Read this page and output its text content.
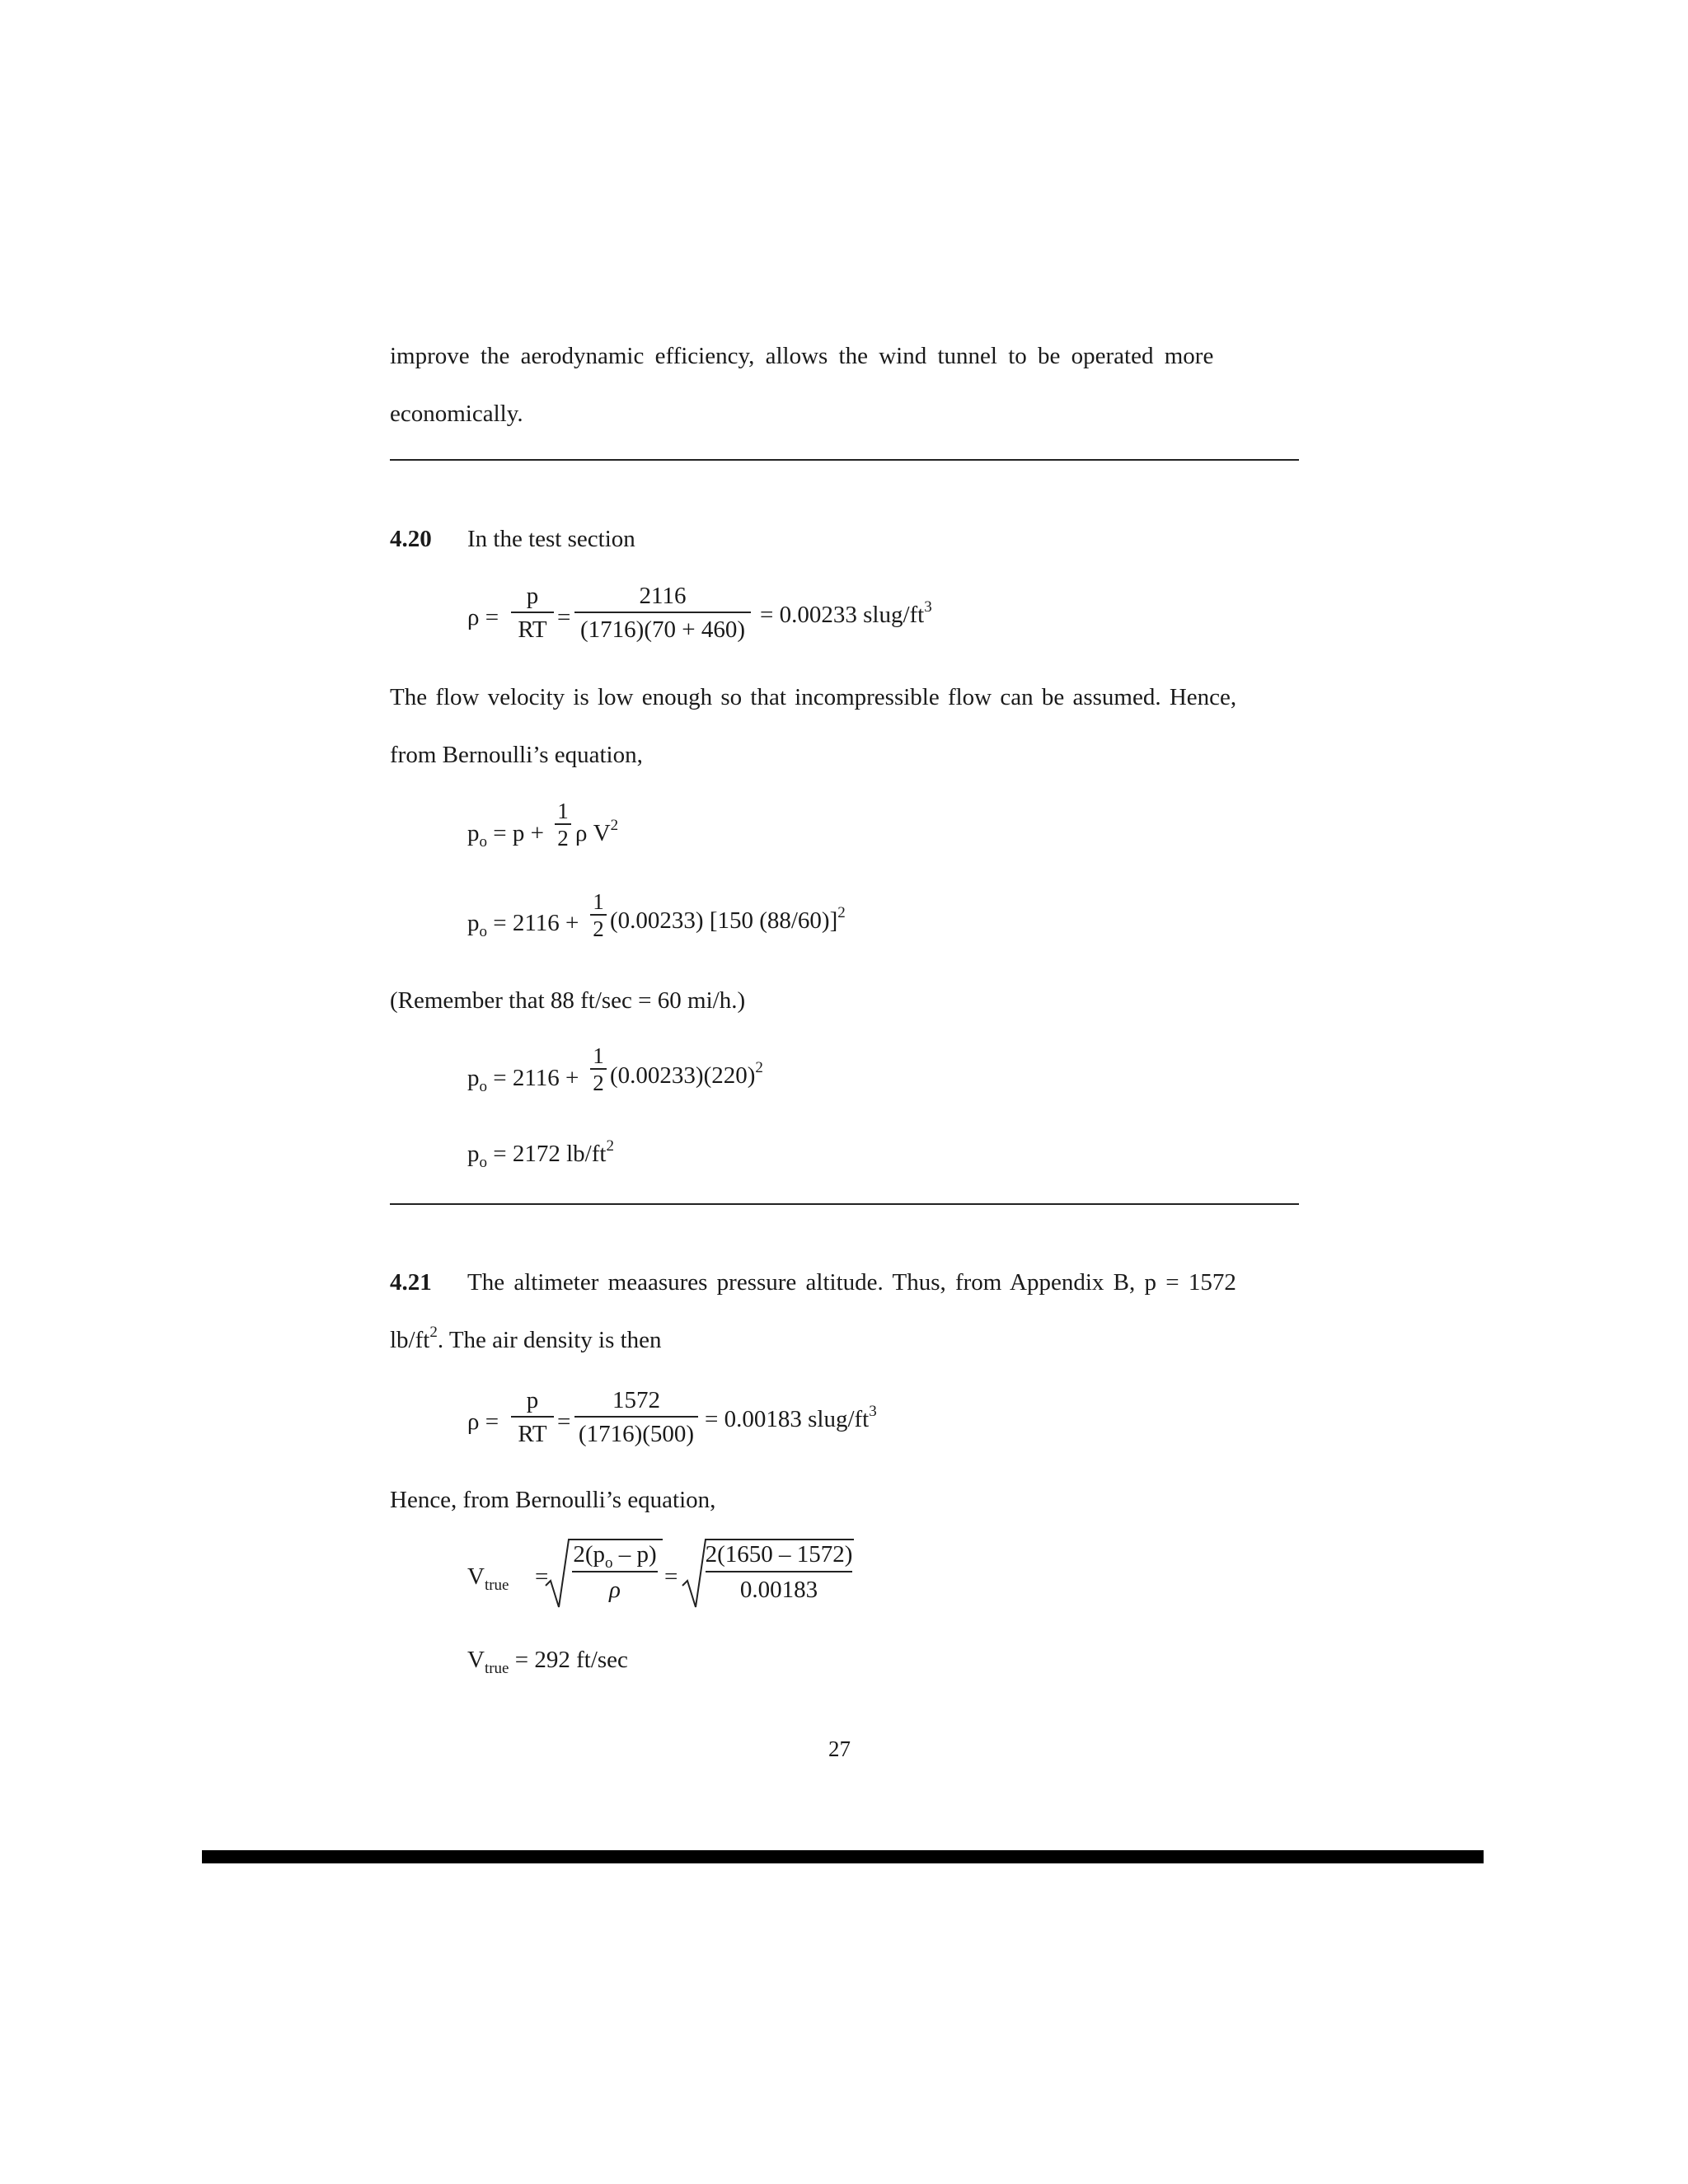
improve the aerodynamic efficiency, allows the wind tunnel to be operated more
economically.
4.20 In the test section
ρ =
p
RT =
2116
(1716)(70 + 460)
= 0.00233 slug/$ft^3$
The flow velocity is low enough so that incompressible flow can be assumed. Hence,
from Bernoulli’s equation,
$p_o = p$ +
1
2 ρ $V^2$
$p_o = 2116$ +
1
2 (0.00233) [150 (88/60)]$^2$
(Remember that 88 ft/sec = 60 mi/h.)
$p_o = 2116$ +
1
2 $(0.00233)(220)^2$
$p_o = 2172$ $lb/ft^2$
4.21 The altimeter meaasures pressure altitude. Thus, from Appendix B, p = 1572
$lb/ft^2$. The air density is then
ρ =
p
RT =
1572
(1716)(500)
= 0.00183 slug/$ft^3$
Hence, from Bernoulli’s equation,
$V_{true}$ =
$2(p_o - p)$
ρ	=
2(1650 – 1572)
0.00183
$V_{true} = 292$ ft/sec
27
